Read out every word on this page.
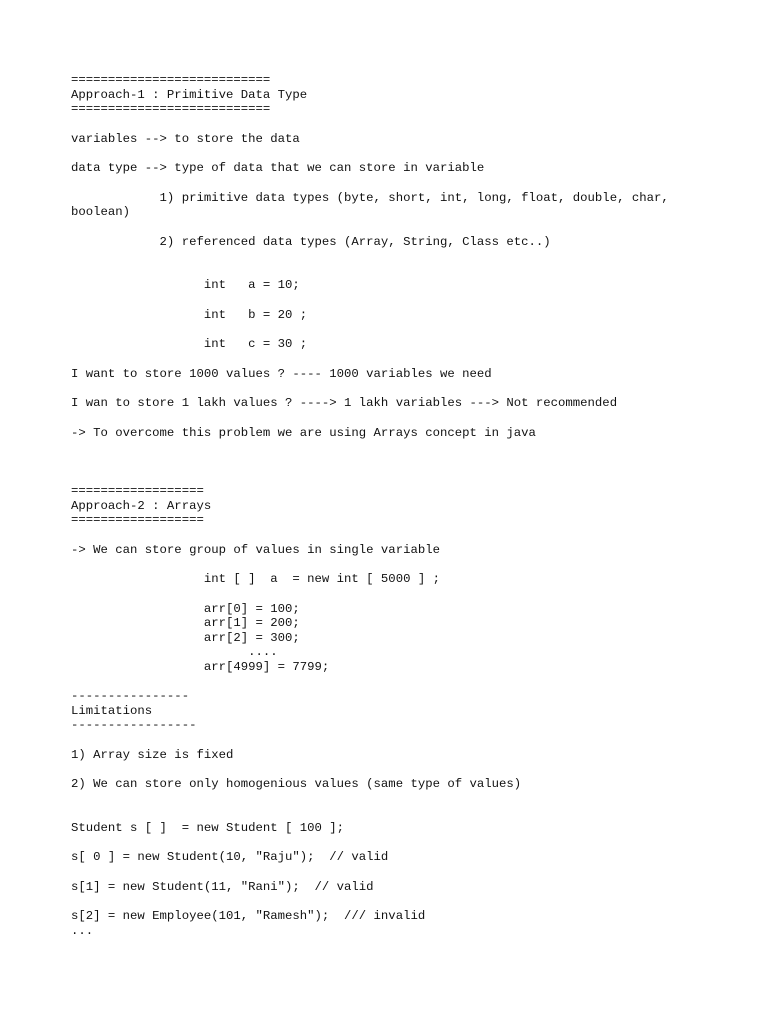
===========================
Approach-1 : Primitive Data Type
===========================
variables --> to store the data
data type --> type of data that we can store in variable
1) primitive data types (byte, short, int, long, float, double, char,
boolean)
2) referenced data types (Array, String, Class etc..)
int   a = 10;
int   b = 20 ;
int   c = 30 ;
I want to store 1000 values ? ---- 1000 variables we need
I wan to store 1 lakh values ? ----> 1 lakh variables ---> Not recommended
-> To overcome this problem we are using Arrays concept in java
==================
Approach-2 : Arrays
==================
-> We can store group of values in single variable
int [ ]  a  = new int [ 5000 ] ;
arr[0] = 100;
arr[1] = 200;
arr[2] = 300;
....
arr[4999] = 7799;
----------------
Limitations
-----------------
1) Array size is fixed
2) We can store only homogenious values (same type of values)
Student s [ ]  = new Student [ 100 ];
s[ 0 ] = new Student(10, "Raju");  // valid
s[1] = new Student(11, "Rani");  // valid
s[2] = new Employee(101, "Ramesh");  /// invalid
...
